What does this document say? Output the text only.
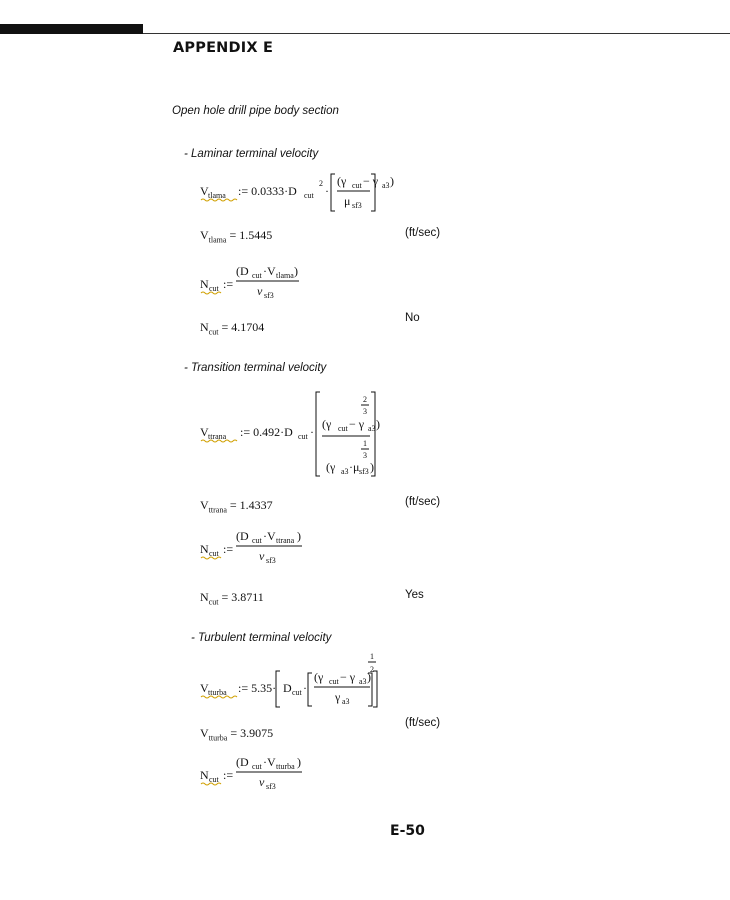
APPENDIX E
Open hole drill pipe body section
- Laminar terminal velocity
V tlama := 0.0333·D cut
2
·
(γ cut − γ a3 )
μ sf3
$V_{tlama} = 1.5445$	(ft/sec)
N cut :=
(D cut ·V tlama )
ν sf3
$N_{cut} = 4.1704$
No
- Transition terminal velocity
V ttrana := 0.492·D cut ·
2
3
(γ cut − γ a3 )
1
3
(γ a3 ·μ sf3 )
$V_{ttrana} = 1.4337$	(ft/sec)
N cut :=
(D cut ·V ttrana )
ν sf3
$N_{cut} = 3.8711$	Yes
- Turbulent terminal velocity
V tturba := 5.35· D cut ·
(γ cut − γ a3 )
γ a3
1
2
$V_{tturba} = 3.9075$
(ft/sec)
N cut :=
(D cut ·V tturba )
ν sf3
E-50
